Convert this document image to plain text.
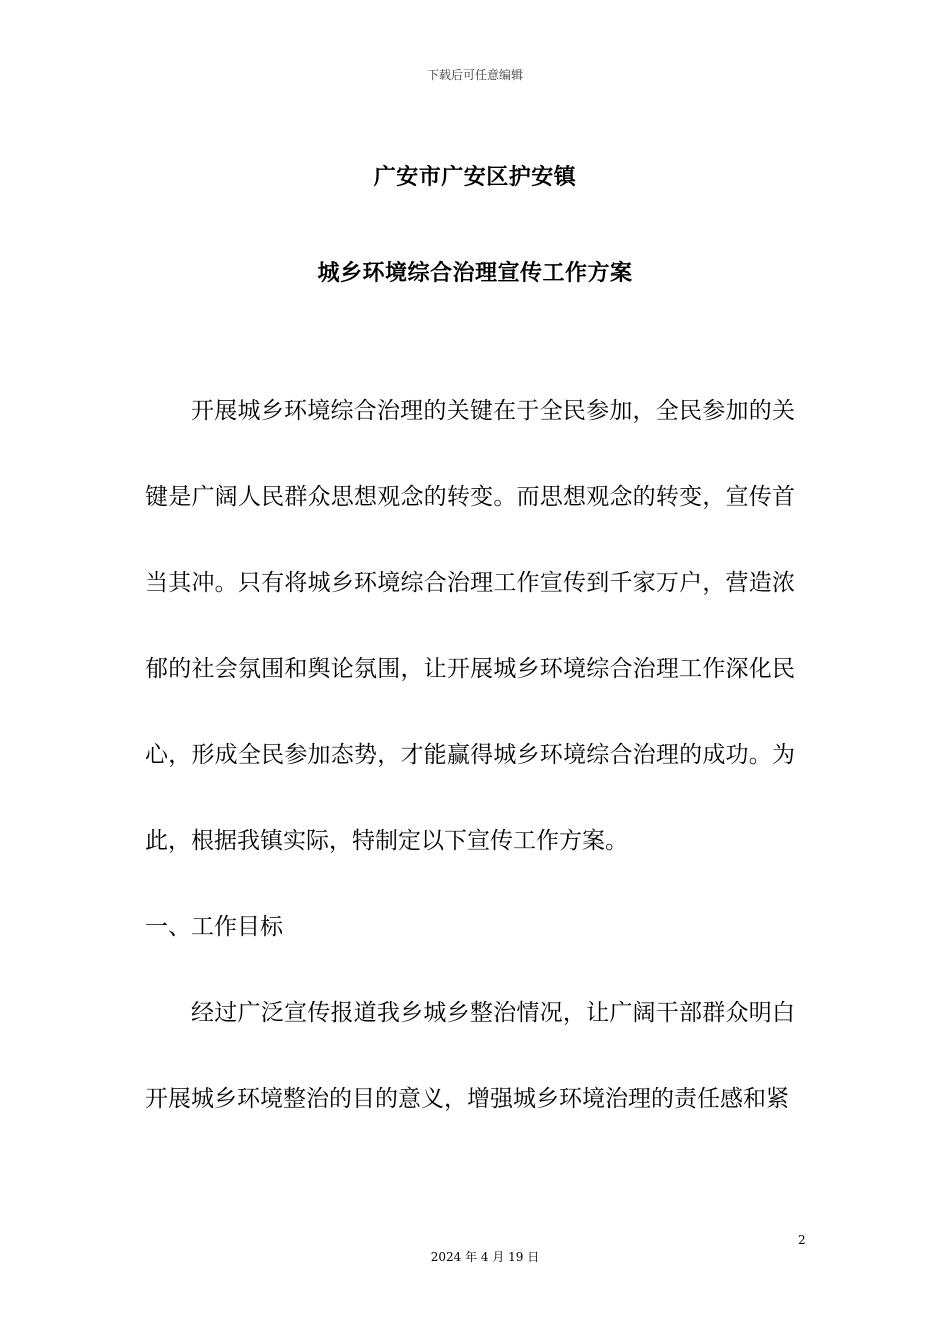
下载后可任意编辑
广安市广安区护安镇
城乡环境综合治理宣传工作方案

开展城乡环境综合治理的关键在于全民参加，全民参加的关键是广阔人民群众思想观念的转变。而思想观念的转变，宣传首当其冲。只有将城乡环境综合治理工作宣传到千家万户，营造浓郁的社会氛围和舆论氛围，让开展城乡环境综合治理工作深化民心，形成全民参加态势，才能赢得城乡环境综合治理的成功。为此，根据我镇实际，特制定以下宣传工作方案。

一、工作目标

经过广泛宣传报道我乡城乡整治情况，让广阔干部群众明白开展城乡环境整治的目的意义，增强城乡环境治理的责任感和紧

2
2024 年 4 月 19 日
